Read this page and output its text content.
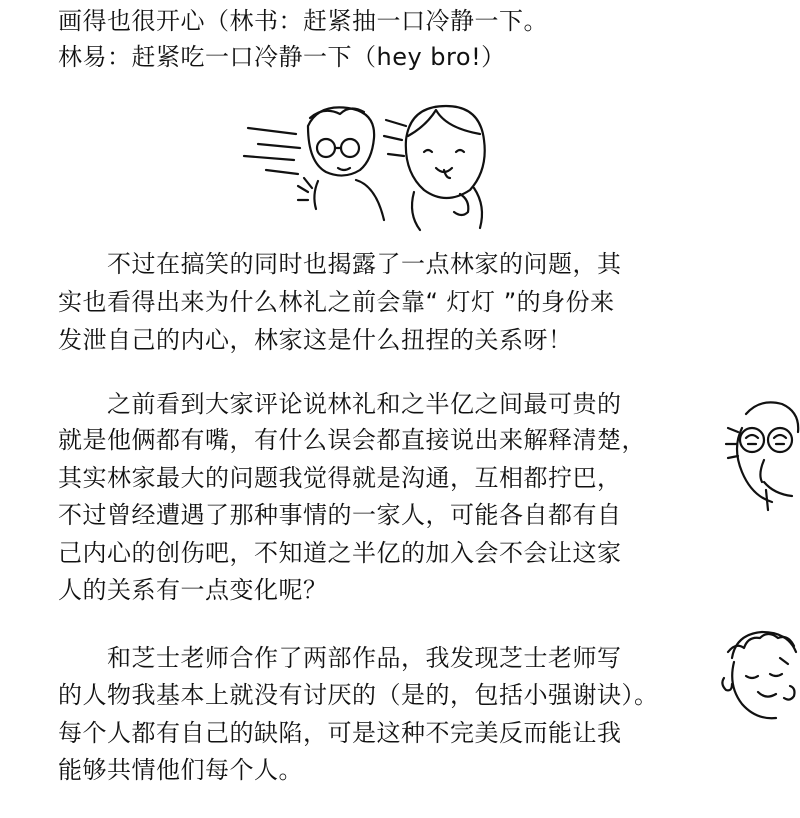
画得也很开心（林书：赶紧抽一口冷静一下。
林易：赶紧吃一口冷静一下（hey bro!）
　　不过在搞笑的同时也揭露了一点林家的问题，其
实也看得出来为什么林礼之前会靠“ 灯灯 ”的身份来
发泄自己的内心，林家这是什么扭捏的关系呀！
　　之前看到大家评论说林礼和之半亿之间最可贵的
就是他俩都有嘴，有什么误会都直接说出来解释清楚，
其实林家最大的问题我觉得就是沟通，互相都拧巴，
不过曾经遭遇了那种事情的一家人，可能各自都有自
己内心的创伤吧，不知道之半亿的加入会不会让这家
人的关系有一点变化呢？
　　和芝士老师合作了两部作品，我发现芝士老师写
的人物我基本上就没有讨厌的（是的，包括小强谢诀）。
每个人都有自己的缺陷，可是这种不完美反而能让我
能够共情他们每个人。
